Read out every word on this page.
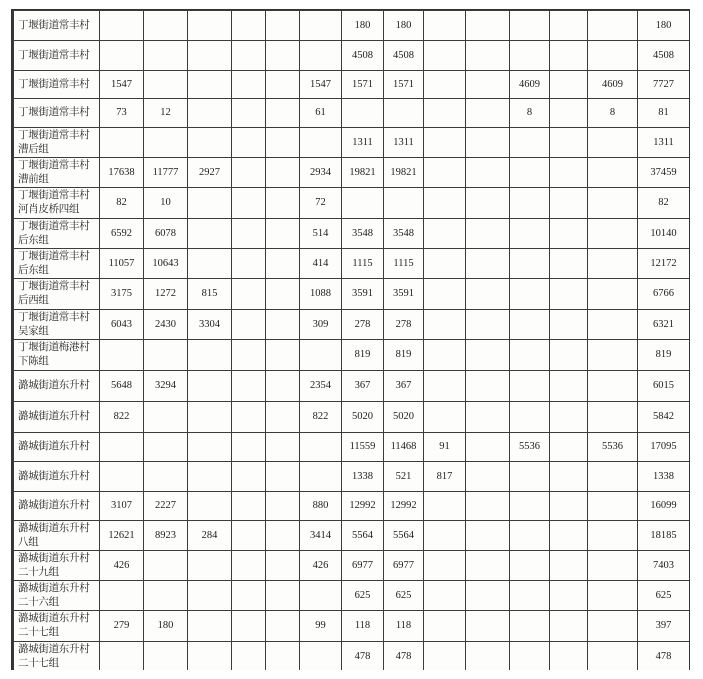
丁堰街道常丰村							180	180						180	

丁堰街道常丰村							4508	4508						4508	

丁堰街道常丰村	1547					1547	1571	1571			4609		4609	7727	

丁堰街道常丰村	73	12				61					8		8	81	

丁堰街道常丰村
漕后组							1311	1311						1311	

丁堰街道常丰村
漕前组	17638	11777	2927			2934	19821	19821						37459	

丁堰街道常丰村
河肖皮桥四组	82	10				72								82	

丁堰街道常丰村
后东组	6592	6078				514	3548	3548						10140	

丁堰街道常丰村
后东组	11057	10643				414	1115	1115						12172	

丁堰街道常丰村
后西组	3175	1272	815			1088	3591	3591						6766	

丁堰街道常丰村
吴家组	6043	2430	3304			309	278	278						6321	

丁堰街道梅港村
下陈组							819	819						819	

潞城街道东升村	5648	3294				2354	367	367						6015	

潞城街道东升村	822					822	5020	5020						5842	

潞城街道东升村							11559	11468	91		5536		5536	17095	

潞城街道东升村							1338	521	817					1338	

潞城街道东升村	3107	2227				880	12992	12992						16099	

潞城街道东升村
八组	12621	8923	284			3414	5564	5564						18185	

潞城街道东升村
二十九组	426					426	6977	6977						7403	

潞城街道东升村
二十六组							625	625						625	

潞城街道东升村
二十七组	279	180				99	118	118						397	

潞城街道东升村
二十七组							478	478						478	
